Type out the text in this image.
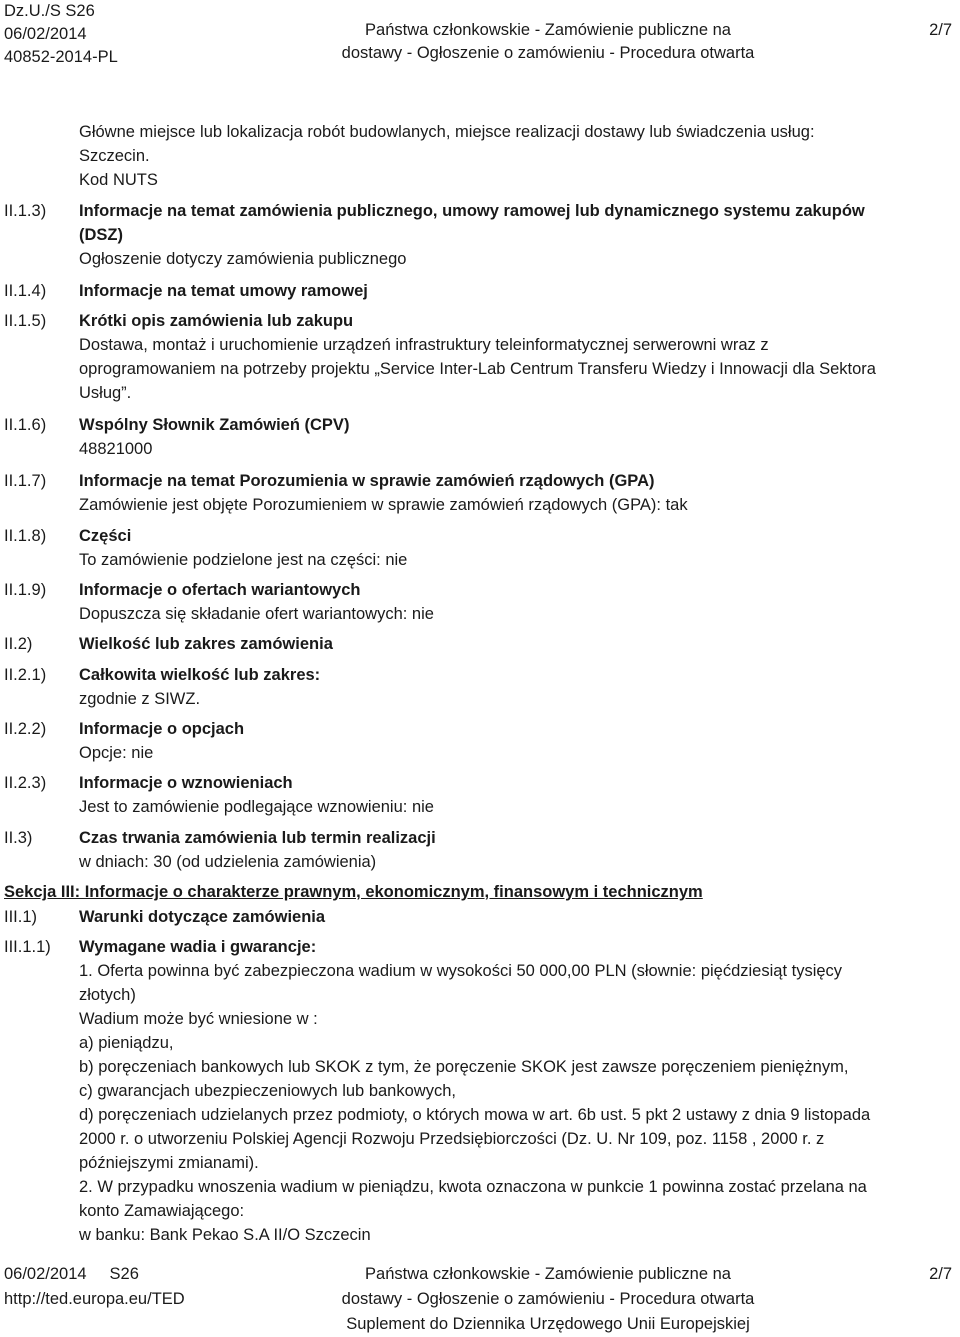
Dz.U./S S26
06/02/2014
40852-2014-PL
Państwa członkowskie - Zamówienie publiczne na
dostawy - Ogłoszenie o zamówieniu - Procedura otwarta
2/7
Główne miejsce lub lokalizacja robót budowlanych, miejsce realizacji dostawy lub świadczenia usług:
Szczecin.
Kod NUTS
II.1.3) Informacje na temat zamówienia publicznego, umowy ramowej lub dynamicznego systemu zakupów
(DSZ)
Ogłoszenie dotyczy zamówienia publicznego
II.1.4) Informacje na temat umowy ramowej
II.1.5) Krótki opis zamówienia lub zakupu
Dostawa, montaż i uruchomienie urządzeń infrastruktury teleinformatycznej serwerowni wraz z
oprogramowaniem na potrzeby projektu „Service Inter-Lab Centrum Transferu Wiedzy i Innowacji dla Sektora
Usług”.
II.1.6) Wspólny Słownik Zamówień (CPV)
48821000
II.1.7) Informacje na temat Porozumienia w sprawie zamówień rządowych (GPA)
Zamówienie jest objęte Porozumieniem w sprawie zamówień rządowych (GPA): tak
II.1.8) Części
To zamówienie podzielone jest na części: nie
II.1.9) Informacje o ofertach wariantowych
Dopuszcza się składanie ofert wariantowych: nie
II.2)	Wielkość lub zakres zamówienia
II.2.1) Całkowita wielkość lub zakres:
zgodnie z SIWZ.
II.2.2) Informacje o opcjach
Opcje: nie
II.2.3) Informacje o wznowieniach
Jest to zamówienie podlegające wznowieniu: nie
II.3)	Czas trwania zamówienia lub termin realizacji
w dniach: 30 (od udzielenia zamówienia)
Sekcja III: Informacje o charakterze prawnym, ekonomicznym, finansowym i technicznym
III.1)	Warunki dotyczące zamówienia
III.1.1) Wymagane wadia i gwarancje:
1. Oferta powinna być zabezpieczona wadium w wysokości 50 000,00 PLN (słownie: pięćdziesiąt tysięcy
złotych)
Wadium może być wniesione w :
a) pieniądzu,
b) poręczeniach bankowych lub SKOK z tym, że poręczenie SKOK jest zawsze poręczeniem pieniężnym,
c) gwarancjach ubezpieczeniowych lub bankowych,
d) poręczeniach udzielanych przez podmioty, o których mowa w art. 6b ust. 5 pkt 2 ustawy z dnia 9 listopada
2000 r. o utworzeniu Polskiej Agencji Rozwoju Przedsiębiorczości (Dz. U. Nr 109, poz. 1158 , 2000 r. z
późniejszymi zmianami).
2. W przypadku wnoszenia wadium w pieniądzu, kwota oznaczona w punkcie 1 powinna zostać przelana na
konto Zamawiającego:
w banku: Bank Pekao S.A II/O Szczecin
06/02/2014 S26
http://ted.europa.eu/TED
Państwa członkowskie - Zamówienie publiczne na
dostawy - Ogłoszenie o zamówieniu - Procedura otwarta
Suplement do Dziennika Urzędowego Unii Europejskiej
2/7
